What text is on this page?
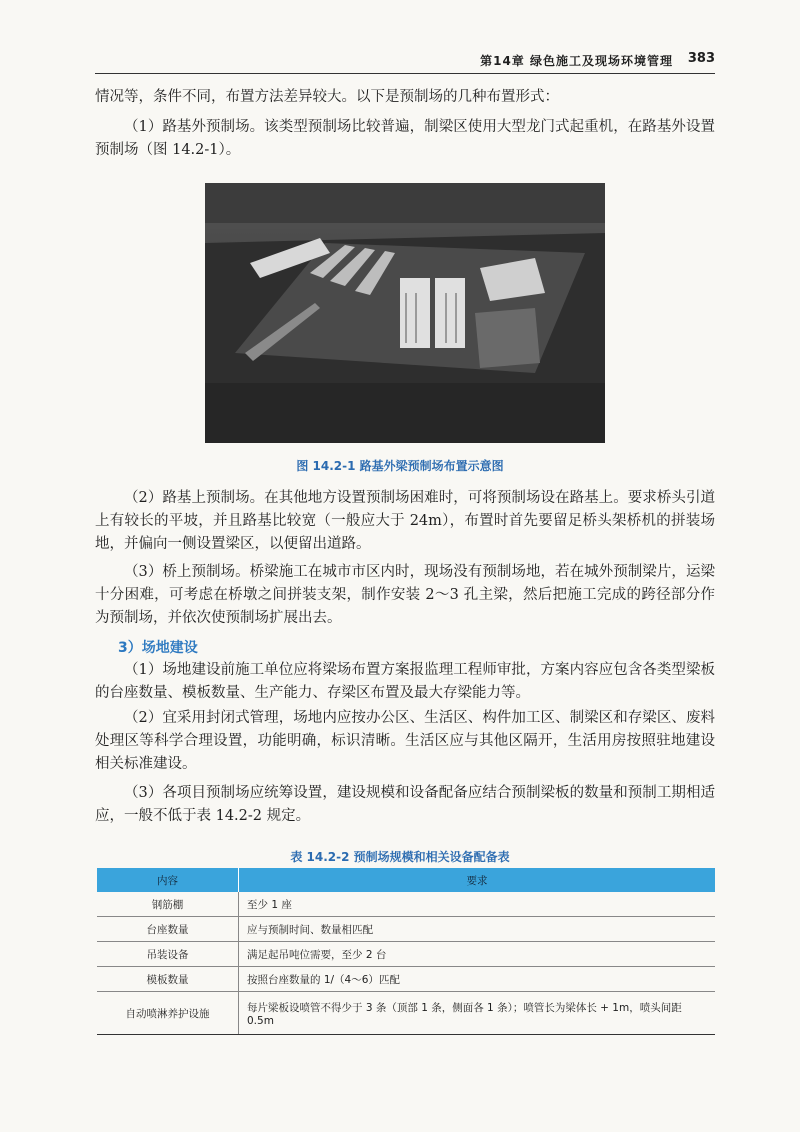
第14章 绿色施工及现场环境管理 383

情况等，条件不同，布置方法差异较大。以下是预制场的几种布置形式：

（1）路基外预制场。该类型预制场比较普遍，制梁区使用大型龙门式起重机，在路基外设置预制场（图 14.2-1）。

图 14.2-1 路基外梁预制场布置示意图

（2）路基上预制场。在其他地方设置预制场困难时，可将预制场设在路基上。要求桥头引道上有较长的平坡，并且路基比较宽（一般应大于 24m），布置时首先要留足桥头架桥机的拼装场地，并偏向一侧设置梁区，以便留出道路。

（3）桥上预制场。桥梁施工在城市市区内时，现场没有预制场地，若在城外预制梁片，运梁十分困难，可考虑在桥墩之间拼装支架，制作安装 2～3 孔主梁，然后把施工完成的跨径部分作为预制场，并依次使预制场扩展出去。

3）场地建设

（1）场地建设前施工单位应将梁场布置方案报监理工程师审批，方案内容应包含各类型梁板的台座数量、模板数量、生产能力、存梁区布置及最大存梁能力等。

（2）宜采用封闭式管理，场地内应按办公区、生活区、构件加工区、制梁区和存梁区、废料处理区等科学合理设置，功能明确，标识清晰。生活区应与其他区隔开，生活用房按照驻地建设相关标准建设。

（3）各项目预制场应统筹设置，建设规模和设备配备应结合预制梁板的数量和预制工期相适应，一般不低于表 14.2-2 规定。

表 14.2-2 预制场规模和相关设备配备表
内容	要求
钢筋棚	至少 1 座
台座数量	应与预制时间、数量相匹配
吊装设备	满足起吊吨位需要，至少 2 台
模板数量	按照台座数量的 1/（4～6）匹配
自动喷淋养护设施	每片梁板设喷管不得少于 3 条（顶部 1 条，侧面各 1 条）；喷管长为梁体长 + 1m，喷头间距 0.5m
